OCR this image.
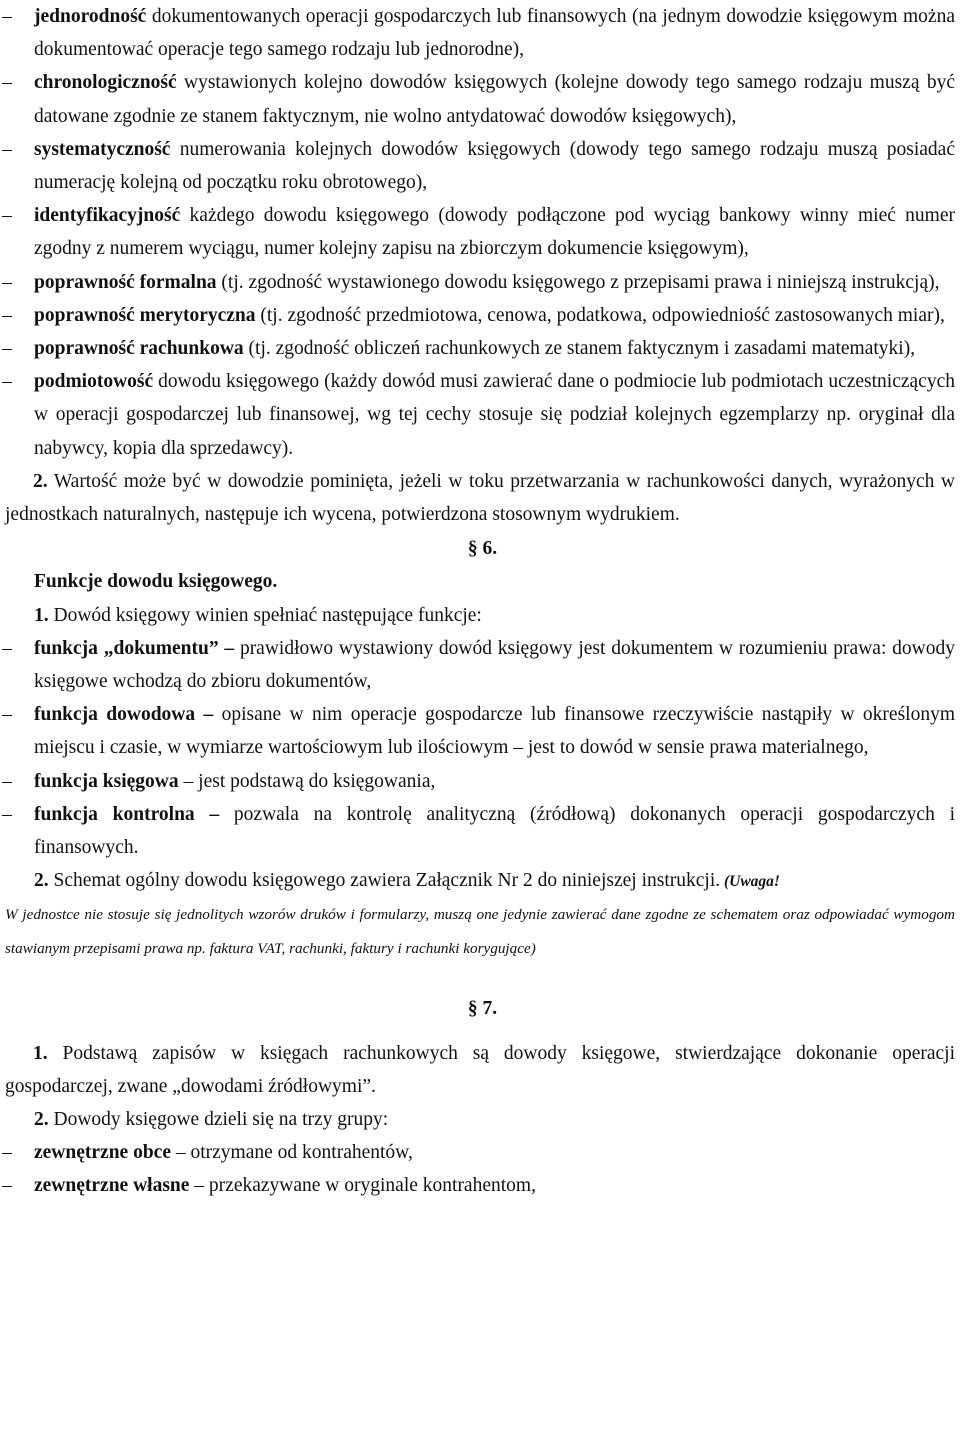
– jednorodność dokumentowanych operacji gospodarczych lub finansowych (na jednym dowodzie księgowym można dokumentować operacje tego samego rodzaju lub jednorodne),
– chronologiczność wystawionych kolejno dowodów księgowych (kolejne dowody tego samego rodzaju muszą być datowane zgodnie ze stanem faktycznym, nie wolno antydatować dowodów księgowych),
– systematyczność numerowania kolejnych dowodów księgowych (dowody tego samego rodzaju muszą posiadać numerację kolejną od początku roku obrotowego),
– identyfikacyjność każdego dowodu księgowego (dowody podłączone pod wyciąg bankowy winny mieć numer zgodny z numerem wyciągu, numer kolejny zapisu na zbiorczym dokumencie księgowym),
– poprawność formalna (tj. zgodność wystawionego dowodu księgowego z przepisami prawa i niniejszą instrukcją),
– poprawność merytoryczna (tj. zgodność przedmiotowa, cenowa, podatkowa, odpowiedniość zastosowanych miar),
– poprawność rachunkowa (tj. zgodność obliczeń rachunkowych ze stanem faktycznym i zasadami matematyki),
– podmiotowość dowodu księgowego (każdy dowód musi zawierać dane o podmiocie lub podmiotach uczestniczących w operacji gospodarczej lub finansowej, wg tej cechy stosuje się podział kolejnych egzemplarzy np. oryginał dla nabywcy, kopia dla sprzedawcy).
2. Wartość może być w dowodzie pominięta, jeżeli w toku przetwarzania w rachunkowości danych, wyrażonych w jednostkach naturalnych, następuje ich wycena, potwierdzona stosownym wydrukiem.
§ 6.
Funkcje dowodu księgowego.
1. Dowód księgowy winien spełniać następujące funkcje:
– funkcja „dokumentu” – prawidłowo wystawiony dowód księgowy jest dokumentem w rozumieniu prawa: dowody księgowe wchodzą do zbioru dokumentów,
– funkcja dowodowa – opisane w nim operacje gospodarcze lub finansowe rzeczywiście nastąpiły w określonym miejscu i czasie, w wymiarze wartościowym lub ilościowym – jest to dowód w sensie prawa materialnego,
– funkcja księgowa – jest podstawą do księgowania,
– funkcja kontrolna – pozwala na kontrolę analityczną (źródłową) dokonanych operacji gospodarczych i finansowych.
2. Schemat ogólny dowodu księgowego zawiera Załącznik Nr 2 do niniejszej instrukcji. (Uwaga!
W jednostce nie stosuje się jednolitych wzorów druków i formularzy, muszą one jedynie zawierać dane zgodne ze schematem oraz odpowiadać wymogom stawianym przepisami prawa np. faktura VAT, rachunki, faktury i rachunki korygujące)
§ 7.
1. Podstawą zapisów w księgach rachunkowych są dowody księgowe, stwierdzające dokonanie operacji gospodarczej, zwane „dowodami źródłowymi”.
2. Dowody księgowe dzieli się na trzy grupy:
– zewnętrzne obce – otrzymane od kontrahentów,
– zewnętrzne własne – przekazywane w oryginale kontrahentom,
